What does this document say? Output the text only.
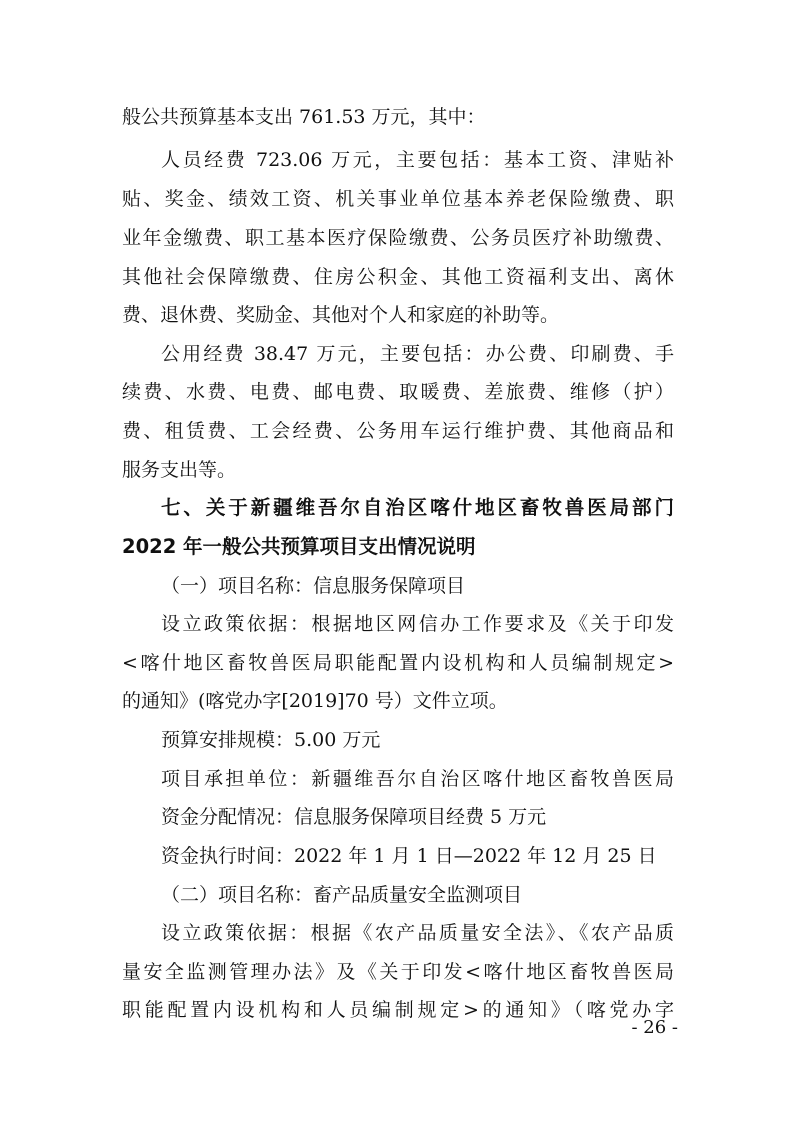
般公共预算基本支出 761.53 万元，其中：
人员经费 723.06 万元，主要包括：基本工资、津贴补
贴、奖金、绩效工资、机关事业单位基本养老保险缴费、职
业年金缴费、职工基本医疗保险缴费、公务员医疗补助缴费、
其他社会保障缴费、住房公积金、其他工资福利支出、离休
费、退休费、奖励金、其他对个人和家庭的补助等。
公用经费 38.47 万元，主要包括：办公费、印刷费、手
续费、水费、电费、邮电费、取暖费、差旅费、维修（护）
费、租赁费、工会经费、公务用车运行维护费、其他商品和
服务支出等。
七、关于新疆维吾尔自治区喀什地区畜牧兽医局部门
2022 年一般公共预算项目支出情况说明
（一）项目名称：信息服务保障项目
设立政策依据：根据地区网信办工作要求及《关于印发
<喀什地区畜牧兽医局职能配置内设机构和人员编制规定>
的通知》(喀党办字[2019]70 号）文件立项。
预算安排规模：5.00 万元
项目承担单位：新疆维吾尔自治区喀什地区畜牧兽医局
资金分配情况：信息服务保障项目经费 5 万元
资金执行时间：2022 年 1 月 1 日—2022 年 12 月 25 日
（二）项目名称：畜产品质量安全监测项目
设立政策依据：根据《农产品质量安全法》、《农产品质
量安全监测管理办法》及《关于印发<喀什地区畜牧兽医局
职能配置内设机构和人员编制规定>的通知》（喀党办字
- 26 -
